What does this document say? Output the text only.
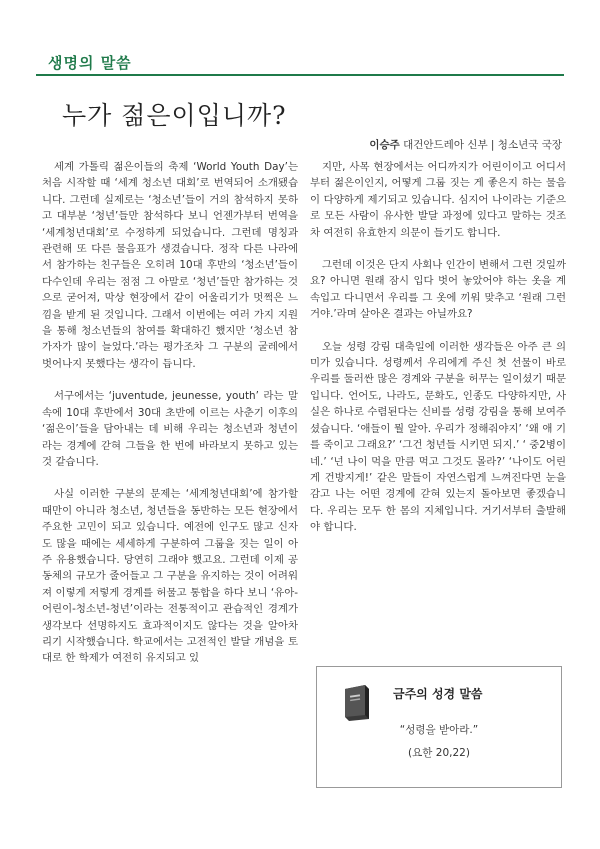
생명의 말씀
누가 젊은이입니까?
이승주 대건안드레아 신부 | 청소년국 국장

세계 가톨릭 젊은이들의 축제 ‘World Youth Day’는 처음 시작할 때 ‘세계 청소년 대회’로 번역되어 소개됐습니다. 그런데 실제로는 ‘청소년’들이 거의 참석하지 못하고 대부분 ‘청년’들만 참석하다 보니 언젠가부터 번역을 ‘세계청년대회’로 수정하게 되었습니다. 그런데 명칭과 관련해 또 다른 물음표가 생겼습니다. 정작 다른 나라에서 참가하는 친구들은 오히려 10대 후반의 ‘청소년’들이 다수인데 우리는 점점 그 아말로 ‘청년’들만 참가하는 것으로 굳어져, 막상 현장에서 같이 어울리기가 멋쩍은 느낌을 받게 된 것입니다. 그래서 이번에는 여러 가지 지원을 통해 청소년들의 참여를 확대하긴 했지만 ‘청소년 참가자가 많이 늘었다.’라는 평가조차 그 구분의 굴레에서 벗어나지 못했다는 생각이 듭니다.

서구에서는 ‘juventude, jeunesse, youth’ 라는 말 속에 10대 후반에서 30대 초반에 이르는 사춘기 이후의 ‘젊은이’들을 담아내는 데 비해 우리는 청소년과 청년이라는 경계에 갇혀 그들을 한 번에 바라보지 못하고 있는 것 같습니다.

사실 이러한 구분의 문제는 ‘세계청년대회’에 참가할 때만이 아니라 청소년, 청년들을 동반하는 모든 현장에서 주요한 고민이 되고 있습니다. 예전에 인구도 많고 신자도 많을 때에는 세세하게 구분하여 그룹을 짓는 일이 아주 유용했습니다. 당연히 그래야 했고요. 그런데 이제 공동체의 규모가 줄어들고 그 구분을 유지하는 것이 어려워져 이렇게 저렇게 경계를 허물고 통합을 하다 보니 ‘유아-어린이-청소년-청년’이라는 전통적이고 관습적인 경계가 생각보다 선명하지도 효과적이지도 않다는 것을 알아차리기 시작했습니다. 학교에서는 고전적인 발달 개념을 토대로 한 학제가 여전히 유지되고 있

지만, 사목 현장에서는 어디까지가 어린이이고 어디서부터 젊은이인지, 어떻게 그룹 짓는 게 좋은지 하는 물음이 다양하게 제기되고 있습니다. 심지어 나이라는 기준으로 모든 사람이 유사한 발달 과정에 있다고 말하는 것조차 여전히 유효한지 의문이 들기도 합니다.

그런데 이것은 단지 사회나 인간이 변해서 그런 것일까요? 아니면 원래 잠시 입다 벗어 놓았어야 하는 옷을 계속입고 다니면서 우리를 그 옷에 끼워 맞추고 ‘원래 그런 거야.’라며 살아온 결과는 아닐까요?

오늘 성령 강림 대축일에 이러한 생각들은 아주 큰 의미가 있습니다. 성령께서 우리에게 주신 첫 선물이 바로 우리를 둘러싼 많은 경계와 구분을 허무는 일이셨기 때문입니다. 언어도, 나라도, 문화도, 인종도 다양하지만, 사실은 하나로 수렴된다는 신비를 성령 강림을 통해 보여주셨습니다. ‘애들이 뭘 알아. 우리가 정해줘야지’ ‘왜 애 기를 죽이고 그래요?’ ‘그건 청년들 시키면 되지.’ ‘ 중2병이네.’ ‘넌 나이 먹을 만큼 먹고 그것도 몰라?’ ‘나이도 어린 게 건방지게!’ 같은 말들이 자연스럽게 느껴진다면 눈을 감고 나는 어떤 경계에 갇혀 있는지 돌아보면 좋겠습니다. 우리는 모두 한 몸의 지체입니다. 거기서부터 출발해야 합니다.

금주의 성경 말씀
“성령을 받아라.”
(요한 20,22)
